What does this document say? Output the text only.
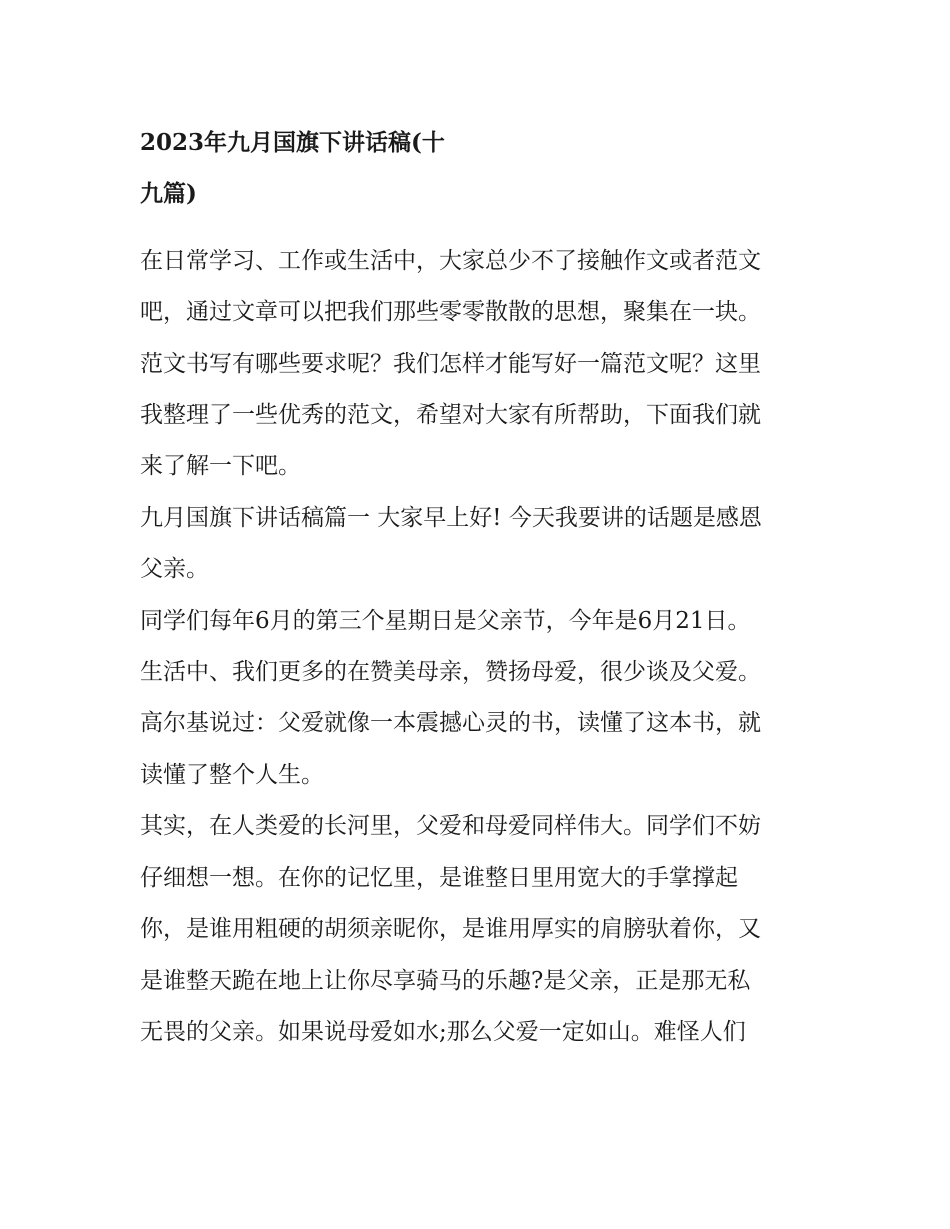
2023年九月国旗下讲话稿(十
九篇)

在日常学习、工作或生活中，大家总少不了接触作文或者范文
吧，通过文章可以把我们那些零零散散的思想，聚集在一块。
范文书写有哪些要求呢？我们怎样才能写好一篇范文呢？这里
我整理了一些优秀的范文，希望对大家有所帮助，下面我们就
来了解一下吧。

九月国旗下讲话稿篇一 大家早上好! 今天我要讲的话题是感恩
父亲。

同学们每年6月的第三个星期日是父亲节，今年是6月21日。
生活中、我们更多的在赞美母亲，赞扬母爱，很少谈及父爱。
高尔基说过：父爱就像一本震撼心灵的书，读懂了这本书，就
读懂了整个人生。

其实，在人类爱的长河里，父爱和母爱同样伟大。同学们不妨
仔细想一想。在你的记忆里，是谁整日里用宽大的手掌撑起
你，是谁用粗硬的胡须亲昵你，是谁用厚实的肩膀驮着你，又
是谁整天跪在地上让你尽享骑马的乐趣?是父亲，正是那无私
无畏的父亲。如果说母爱如水;那么父爱一定如山。难怪人们
